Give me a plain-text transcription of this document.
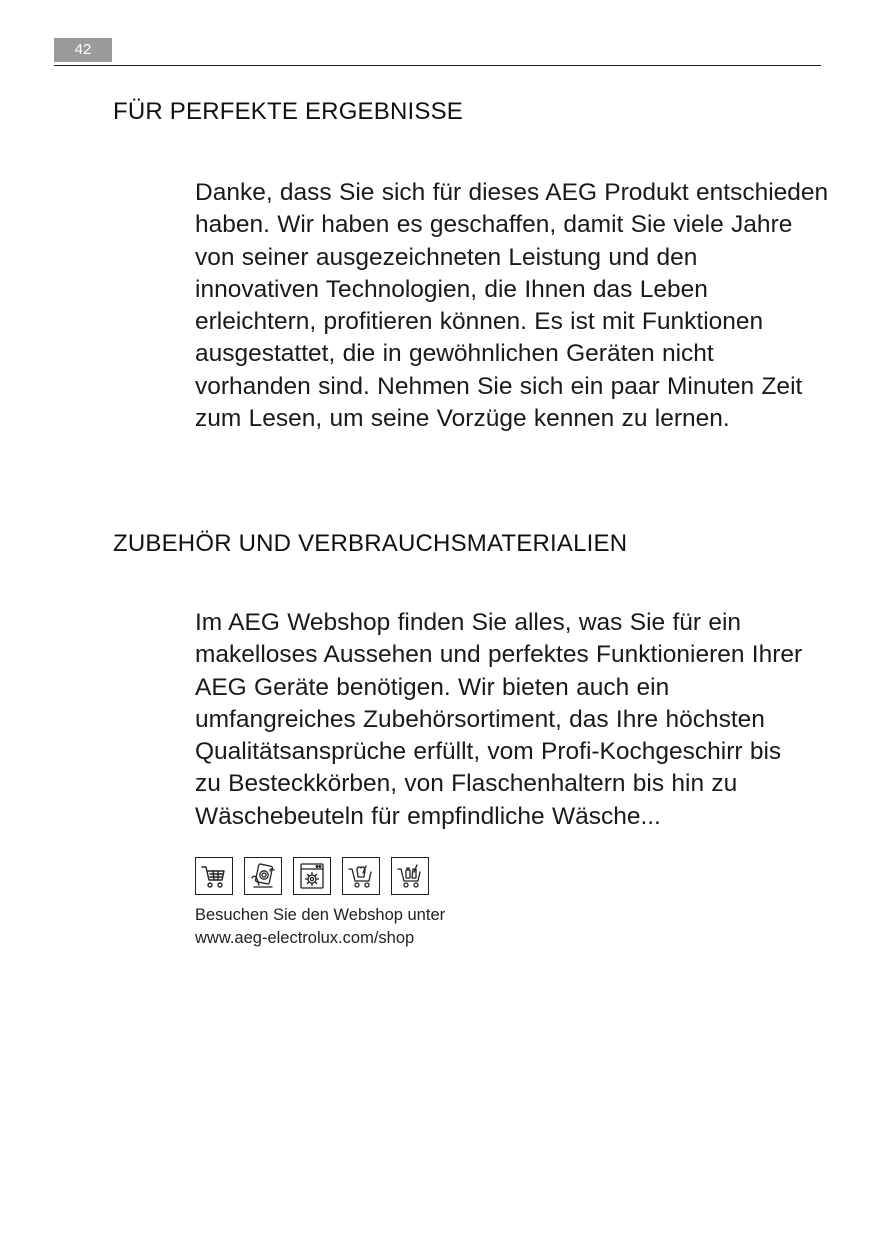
42
FÜR PERFEKTE ERGEBNISSE

Danke, dass Sie sich für dieses AEG Produkt entschieden
haben. Wir haben es geschaffen, damit Sie viele Jahre
von seiner ausgezeichneten Leistung und den
innovativen Technologien, die Ihnen das Leben
erleichtern, profitieren können. Es ist mit Funktionen
ausgestattet, die in gewöhnlichen Geräten nicht
vorhanden sind. Nehmen Sie sich ein paar Minuten Zeit
zum Lesen, um seine Vorzüge kennen zu lernen.

ZUBEHÖR UND VERBRAUCHSMATERIALIEN

Im AEG Webshop finden Sie alles, was Sie für ein
makelloses Aussehen und perfektes Funktionieren Ihrer
AEG Geräte benötigen. Wir bieten auch ein
umfangreiches Zubehörsortiment, das Ihre höchsten
Qualitätsansprüche erfüllt, vom Profi-Kochgeschirr bis
zu Besteckkörben, von Flaschenhaltern bis hin zu
Wäschebeuteln für empfindliche Wäsche...

Besuchen Sie den Webshop unter
www.aeg-electrolux.com/shop
